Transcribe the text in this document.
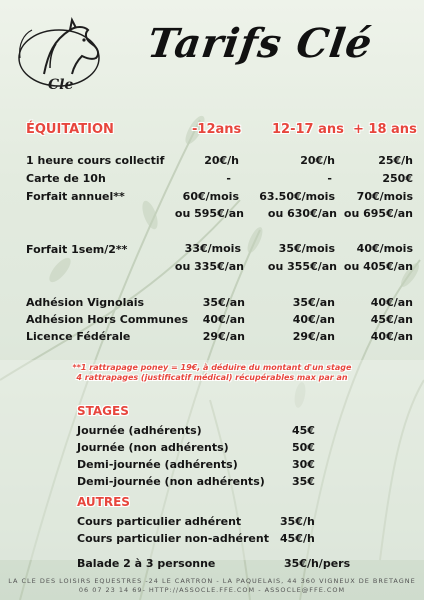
Cle
Tarifs Clé
ÉQUITATION	-12ans 12-17 ans + 18 ans
1 heure cours collectif	20€/h	20€/h	25€/h
Carte de 10h	-	-	250€
Forfait annuel**	60€/mois 63.50€/mois 70€/mois
ou 595€/an ou 630€/an ou 695€/an
Forfait 1sem/2**	33€/mois	35€/mois 40€/mois
ou 335€/an ou 355€/an ou 405€/an
Adhésion Vignolais	35€/an	35€/an	40€/an
Adhésion Hors Communes 40€/an	40€/an	45€/an
Licence Fédérale	29€/an	29€/an	40€/an
**1 rattrapage poney = 19€, à déduire du montant d'un stage
4 rattrapages (justificatif médical) récupérables max par an
STAGES
Journée (adhérents)	45€
Journée (non adhérents)	50€
Demi-journée (adhérents)	30€
Demi-journée (non adhérents) 35€
AUTRES
Cours particulier adhérent	35€/h
Cours particulier non-adhérent 45€/h
Balade 2 à 3 personne	35€/h/pers
LA CLE DES LOISIRS EQUESTRES -24 LE CARTRON - LA PAQUELAIS, 44 360 VIGNEUX DE BRETAGNE
06 07 23 14 69- HTTP://ASSOCLE.FFE.COM - ASSOCLE@FFE.COM
